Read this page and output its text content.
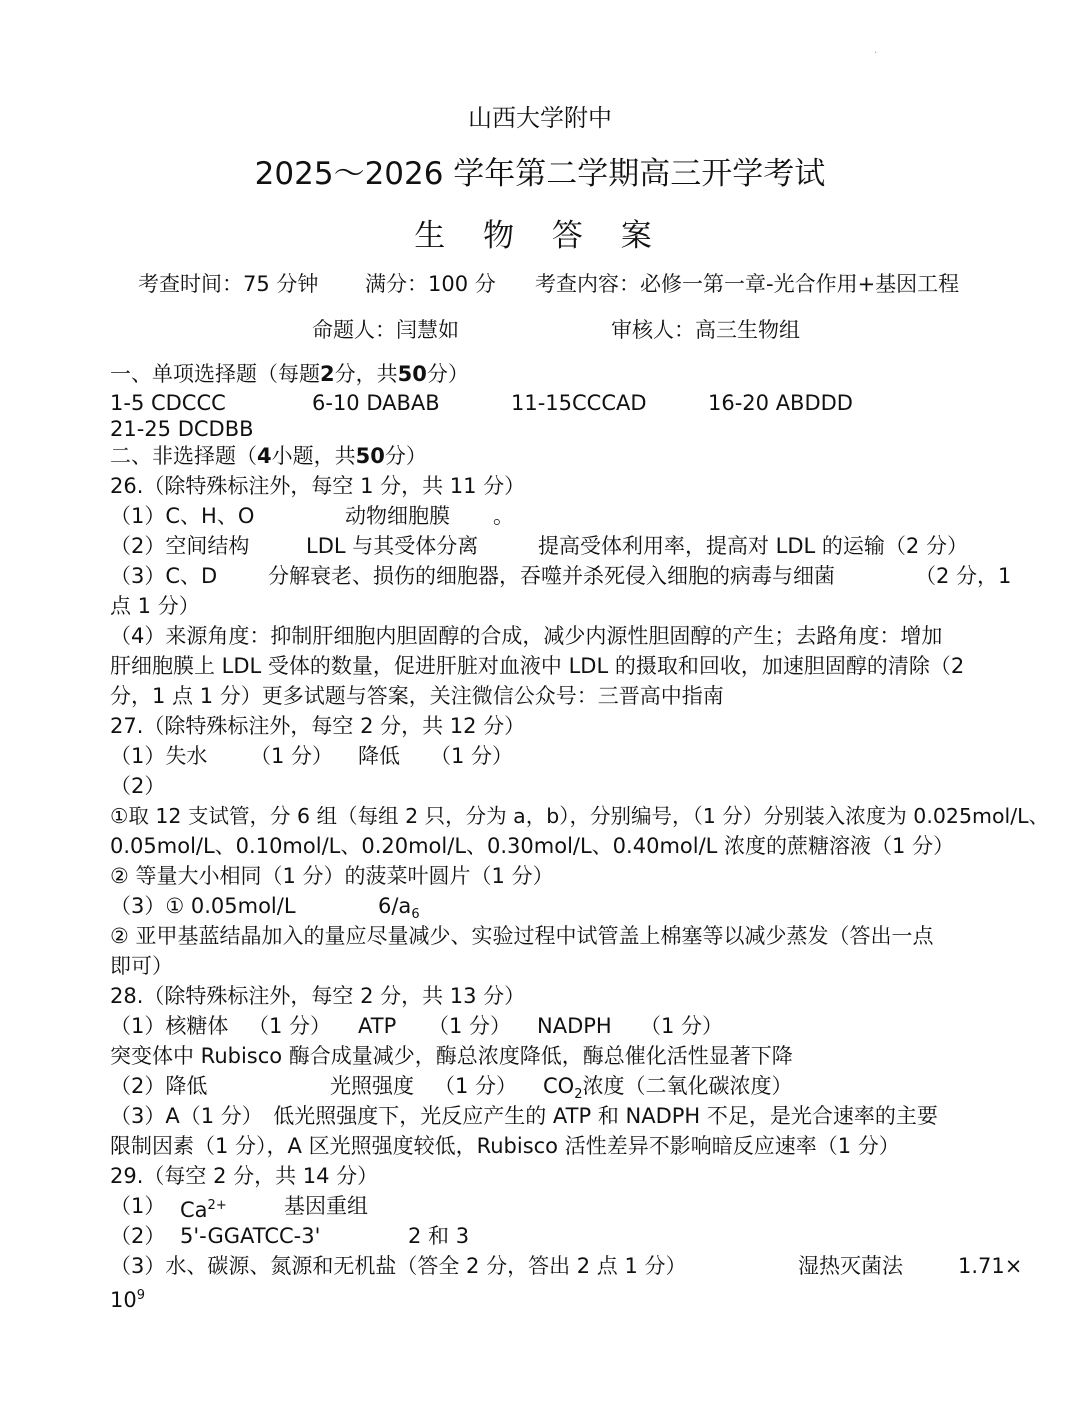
·
山西大学附中
2025～2026 学年第二学期高三开学考试
生 物 答 案
考查时间：75 分钟 满分：100 分 考查内容：必修一第一章-光合作用+基因工程
命题人：闫慧如	审核人：高三生物组
一、单项选择题（每题2分，共50分）
1-5 CDCCC	6-10 DABAB	11-15CCCAD	16-20 ABDDD
21-25 DCDBB
二、非选择题（4小题，共50分）
26.（除特殊标注外，每空 1 分，共 11 分）
（1）C、H、O	动物细胞膜 。
（2）空间结构	LDL 与其受体分离	提高受体利用率，提高对 LDL 的运输（2 分）
（3）C、D 分解衰老、损伤的细胞器，吞噬并杀死侵入细胞的病毒与细菌	（2 分，1
点 1 分）
（4）来源角度：抑制肝细胞内胆固醇的合成，减少内源性胆固醇的产生；去路角度：增加
肝细胞膜上 LDL 受体的数量，促进肝脏对血液中 LDL 的摄取和回收，加速胆固醇的清除（2
分，1 点 1 分）更多试题与答案，关注微信公众号：三晋高中指南
27.（除特殊标注外，每空 2 分，共 12 分）
（1）失水 （1 分） 降低 （1 分）
（2）
①取 12 支试管，分 6 组（每组 2 只，分为 a，b），分别编号，（1 分）分别装入浓度为 0.025mol/L、
0.05mol/L、0.10mol/L、0.20mol/L、0.30mol/L、0.40mol/L 浓度的蔗糖溶液（1 分）
② 等量大小相同（1 分）的菠菜叶圆片（1 分）
（3）① 0.05mol/L	$6/a_6$
② 亚甲基蓝结晶加入的量应尽量减少、实验过程中试管盖上棉塞等以减少蒸发（答出一点
即可）
28.（除特殊标注外，每空 2 分，共 13 分）
（1）核糖体 （1 分） ATP （1 分） NADPH （1 分）
突变体中 Rubisco 酶合成量减少，酶总浓度降低，酶总催化活性显著下降
（2）降低	光照强度 （1 分） $CO_2$浓度（二氧化碳浓度）
（3）A（1 分）　低光照强度下，光反应产生的 ATP 和 NADPH 不足，是光合速率的主要
限制因素（1 分），A 区光照强度较低，Rubisco 活性差异不影响暗反应速率（1 分）
29.（每空 2 分，共 14 分）
（1） $Ca^{2+}$	基因重组
（2） 5'-GGATCC-3'	2 和 3
（3）水、碳源、氮源和无机盐（答全 2 分，答出 2 点 1 分）	湿热灭菌法	1.71×
$10^9$
